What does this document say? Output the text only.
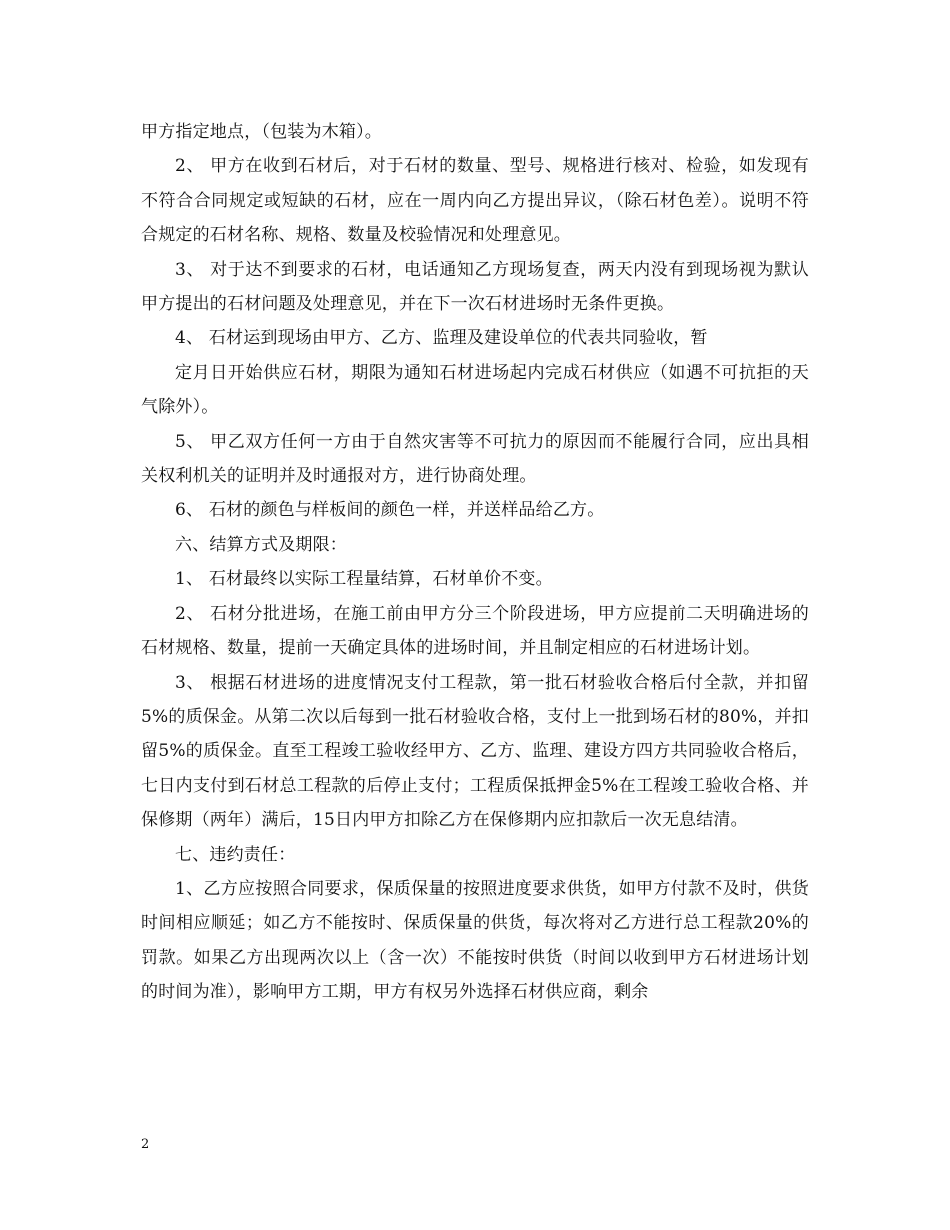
甲方指定地点，（包装为木箱）。

2、 甲方在收到石材后，对于石材的数量、型号、规格进行核对、检验，如发现有不符合合同规定或短缺的石材，应在一周内向乙方提出异议，（除石材色差）。说明不符合规定的石材名称、规格、数量及校验情况和处理意见。

3、 对于达不到要求的石材，电话通知乙方现场复查，两天内没有到现场视为默认甲方提出的石材问题及处理意见，并在下一次石材进场时无条件更换。

4、 石材运到现场由甲方、乙方、监理及建设单位的代表共同验收，暂

定月日开始供应石材，期限为通知石材进场起内完成石材供应（如遇不可抗拒的天气除外）。

5、 甲乙双方任何一方由于自然灾害等不可抗力的原因而不能履行合同，应出具相关权利机关的证明并及时通报对方，进行协商处理。

6、 石材的颜色与样板间的颜色一样，并送样品给乙方。

六、结算方式及期限：

1、 石材最终以实际工程量结算，石材单价不变。

2、 石材分批进场，在施工前由甲方分三个阶段进场，甲方应提前二天明确进场的石材规格、数量，提前一天确定具体的进场时间，并且制定相应的石材进场计划。

3、 根据石材进场的进度情况支付工程款，第一批石材验收合格后付全款，并扣留5%的质保金。从第二次以后每到一批石材验收合格，支付上一批到场石材的80%，并扣留5%的质保金。直至工程竣工验收经甲方、乙方、监理、建设方四方共同验收合格后，七日内支付到石材总工程款的后停止支付；工程质保抵押金5%在工程竣工验收合格、并保修期（两年）满后，15日内甲方扣除乙方在保修期内应扣款后一次无息结清。

七、违约责任：

1、乙方应按照合同要求，保质保量的按照进度要求供货，如甲方付款不及时，供货时间相应顺延；如乙方不能按时、保质保量的供货，每次将对乙方进行总工程款20%的罚款。如果乙方出现两次以上（含一次）不能按时供货（时间以收到甲方石材进场计划的时间为准），影响甲方工期，甲方有权另外选择石材供应商，剩余

2
